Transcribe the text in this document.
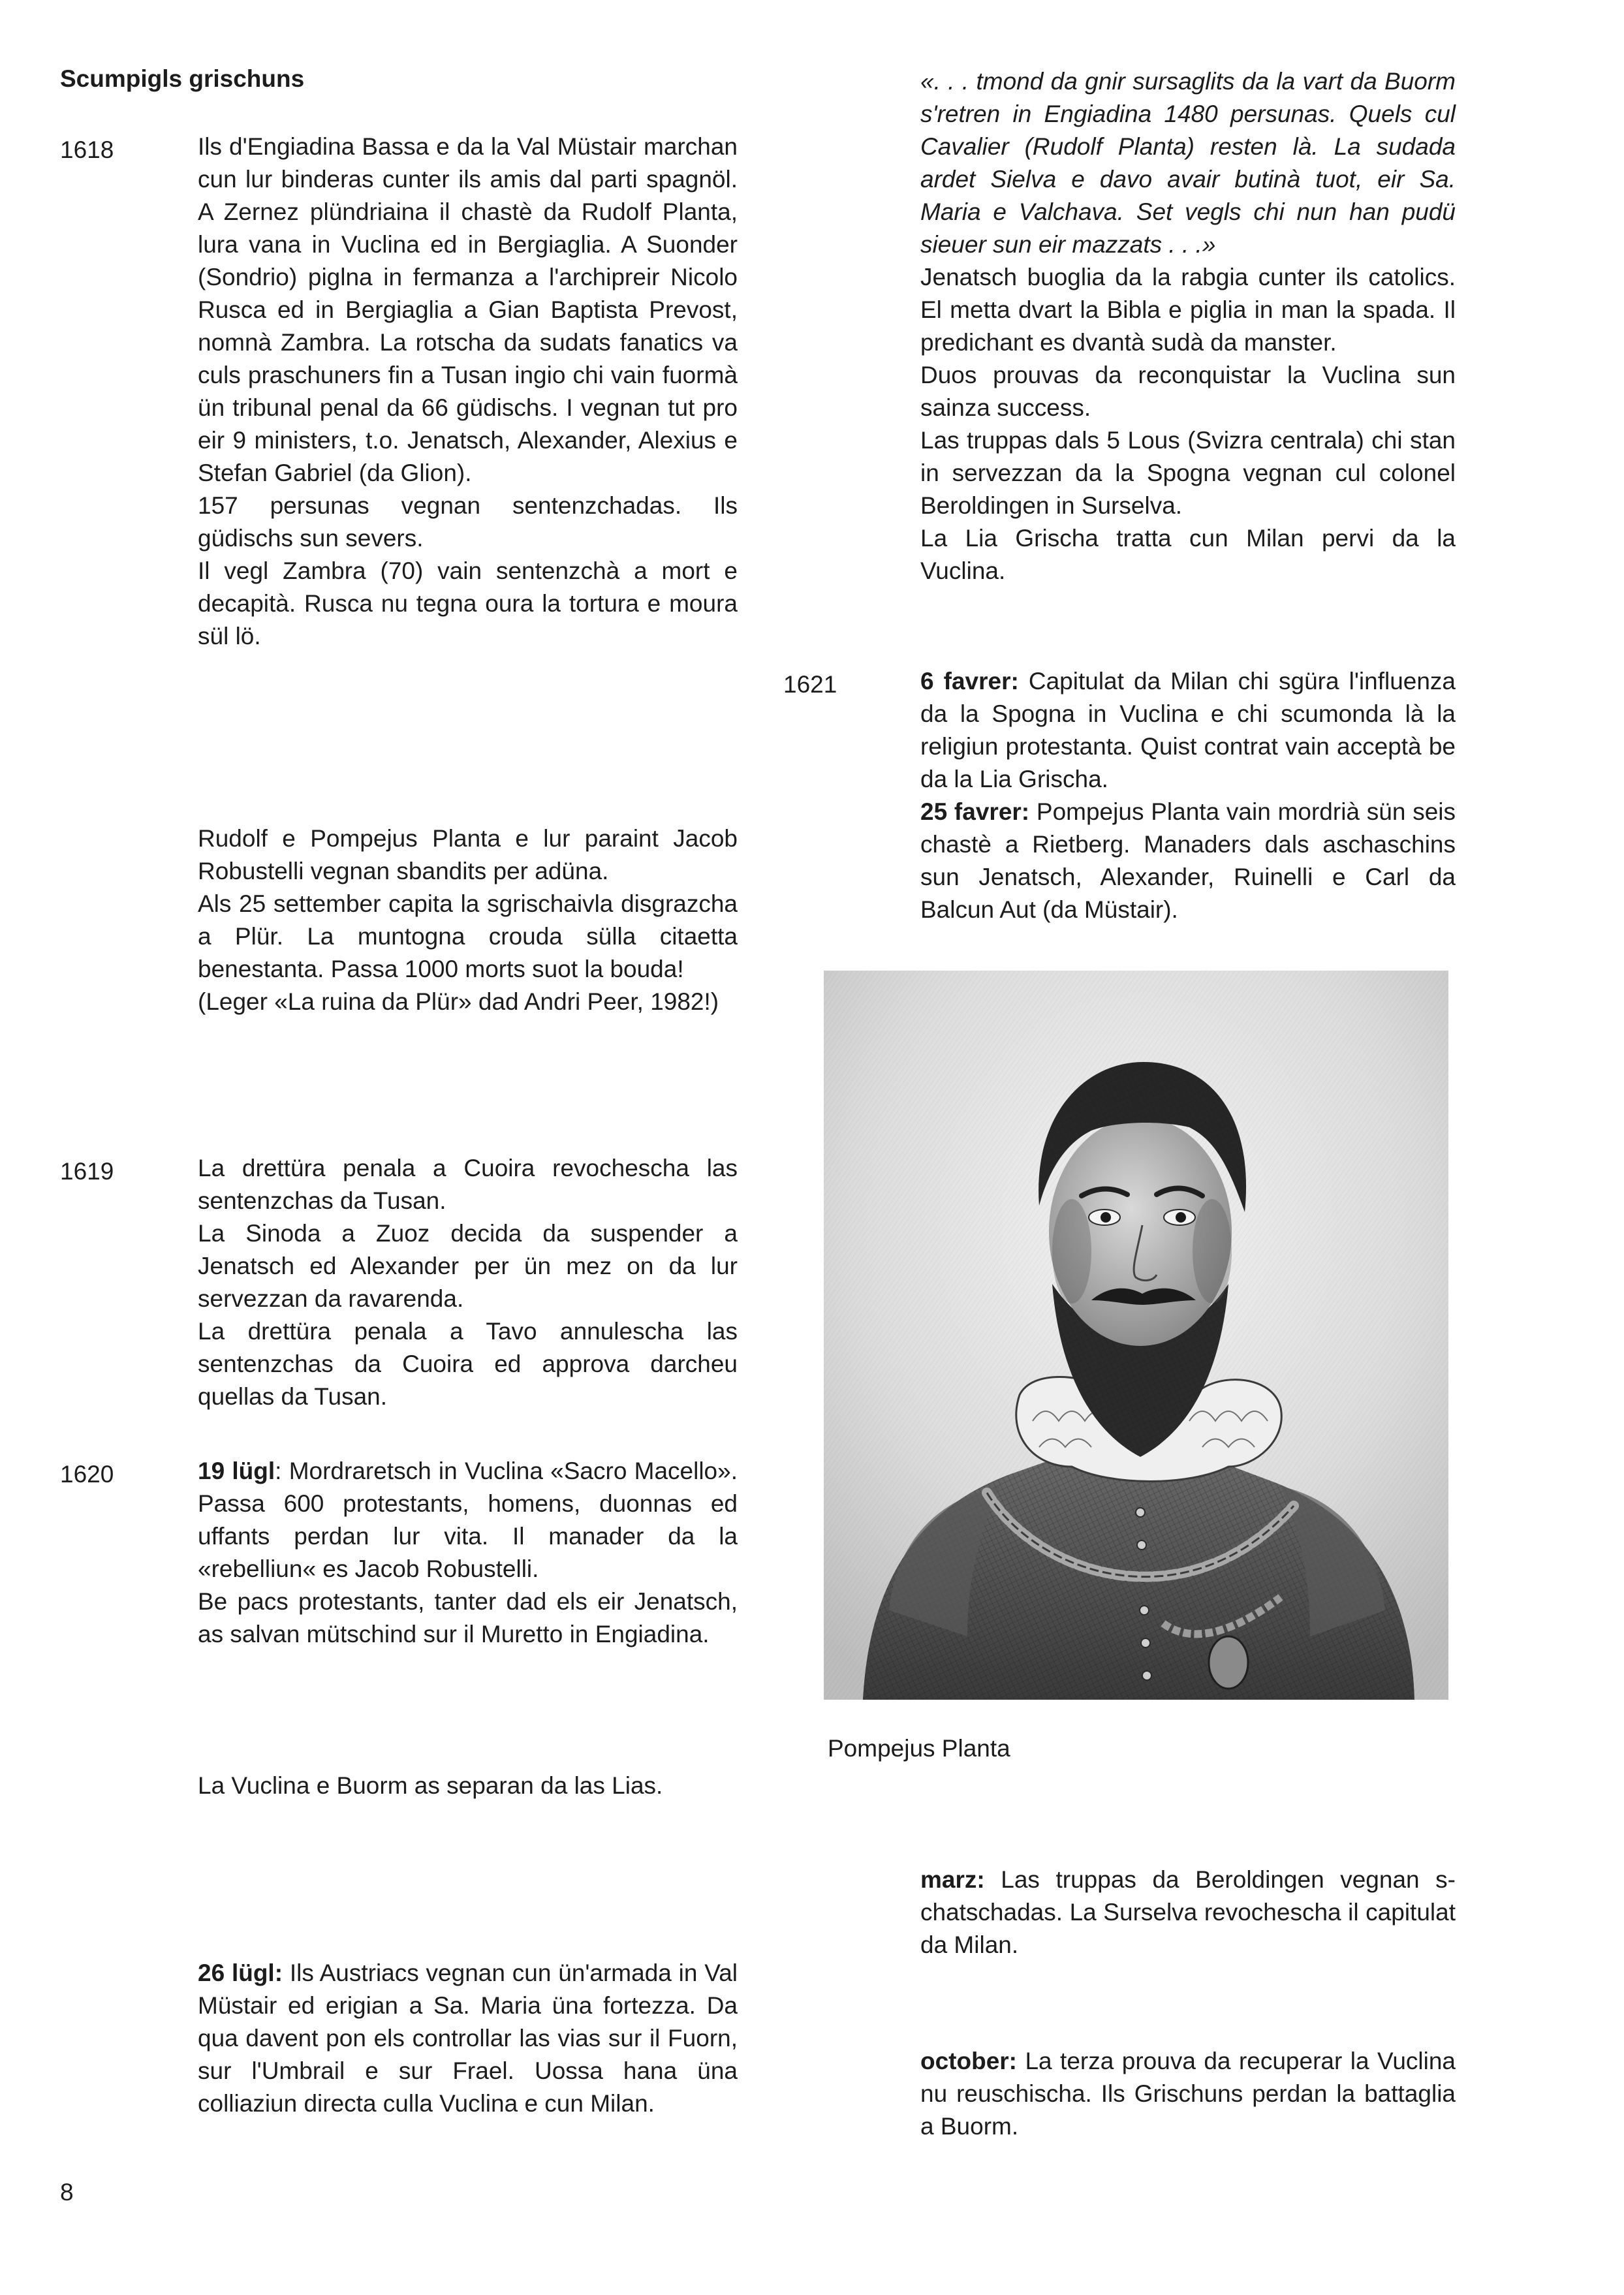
Scumpigls grischuns
1618	Ils d'Engiadina Bassa e da la Val Müstair marchan cun lur binderas cunter ils amis dal parti spagnöl. A Zernez plündriaina il chastè da Rudolf Planta, lura vana in Vuclina ed in Bergiaglia. A Suonder (Sondrio) piglna in fermanza a l'archipreir Nicolo Rusca ed in Bergiaglia a Gian Baptista Prevost, nomnà Zambra. La rotscha da sudats fanatics va culs praschuners fin a Tusan ingio chi vain fuormà ün tribunal penal da 66 güdischs. I vegnan tut pro eir 9 ministers, t.o. Jenatsch, Alexander, Alexius e Stefan Gabriel (da Glion).

157 persunas vegnan sentenzchadas. Ils güdischs sun severs.

Il vegl Zambra (70) vain sentenzchà a mort e decapità. Rusca nu tegna oura la tortura e moura sül lö.

Rudolf e Pompejus Planta e lur paraint Jacob Robustelli vegnan sbandits per adüna.

Als 25 settember capita la sgrischaivla disgrazcha a Plür. La muntogna crouda sülla citaetta benestanta. Passa 1000 morts suot la bouda!

(Leger «La ruina da Plür» dad Andri Peer, 1982!)

1619	La drettüra penala a Cuoira revochescha las sentenzchas da Tusan.

La Sinoda a Zuoz decida da suspender a Jenatsch ed Alexander per ün mez on da lur servezzan da ravarenda.

La drettüra penala a Tavo annulescha las sentenzchas da Cuoira ed approva darcheu quellas da Tusan.

1620	19 lügl: Mordraretsch in Vuclina «Sacro Macello». Passa 600 protestants, homens, duonnas ed uffants perdan lur vita. Il manader da la «rebelliun« es Jacob Robustelli.

Be pacs protestants, tanter dad els eir Jenatsch, as salvan mütschind sur il Muretto in Engiadina.

La Vuclina e Buorm as separan da las Lias.

26 lügl: Ils Austriacs vegnan cun ün'armada in Val Müstair ed erigian a Sa. Maria üna fortezza. Da qua davent pon els controllar las vias sur il Fuorn, sur l'Umbrail e sur Frael. Uossa hana üna colliaziun directa culla Vuclina e cun Milan.

«. . . tmond da gnir sursaglits da la vart da Buorm s'retren in Engiadina 1480 persunas. Quels cul Cavalier (Rudolf Planta) resten là. La sudada ardet Sielva e davo avair butinà tuot, eir Sa. Maria e Valchava. Set vegls chi nun han pudü sieuer sun eir mazzats . . .»

Jenatsch buoglia da la rabgia cunter ils catolics. El metta dvart la Bibla e piglia in man la spada. Il predichant es dvantà sudà da manster.

Duos prouvas da reconquistar la Vuclina sun sainza success.

Las truppas dals 5 Lous (Svizra centrala) chi stan in servezzan da la Spogna vegnan cul colonel Beroldingen in Surselva.

La Lia Grischa tratta cun Milan pervi da la Vuclina.

1621	6 favrer: Capitulat da Milan chi sgüra l'influenza da la Spogna in Vuclina e chi scumonda là la religiun protestanta. Quist contrat vain acceptà be da la Lia Grischa.

25 favrer: Pompejus Planta vain mordrià sün seis chastè a Rietberg. Manaders dals aschaschins sun Jenatsch, Alexander, Ruinelli e Carl da Balcun Aut (da Müstair).

Pompejus Planta

marz: Las truppas da Beroldingen vegnan s-chatschadas. La Surselva revochescha il capitulat da Milan.

october: La terza prouva da recuperar la Vuclina nu reuschischa. Ils Grischuns perdan la battaglia a Buorm.

8
